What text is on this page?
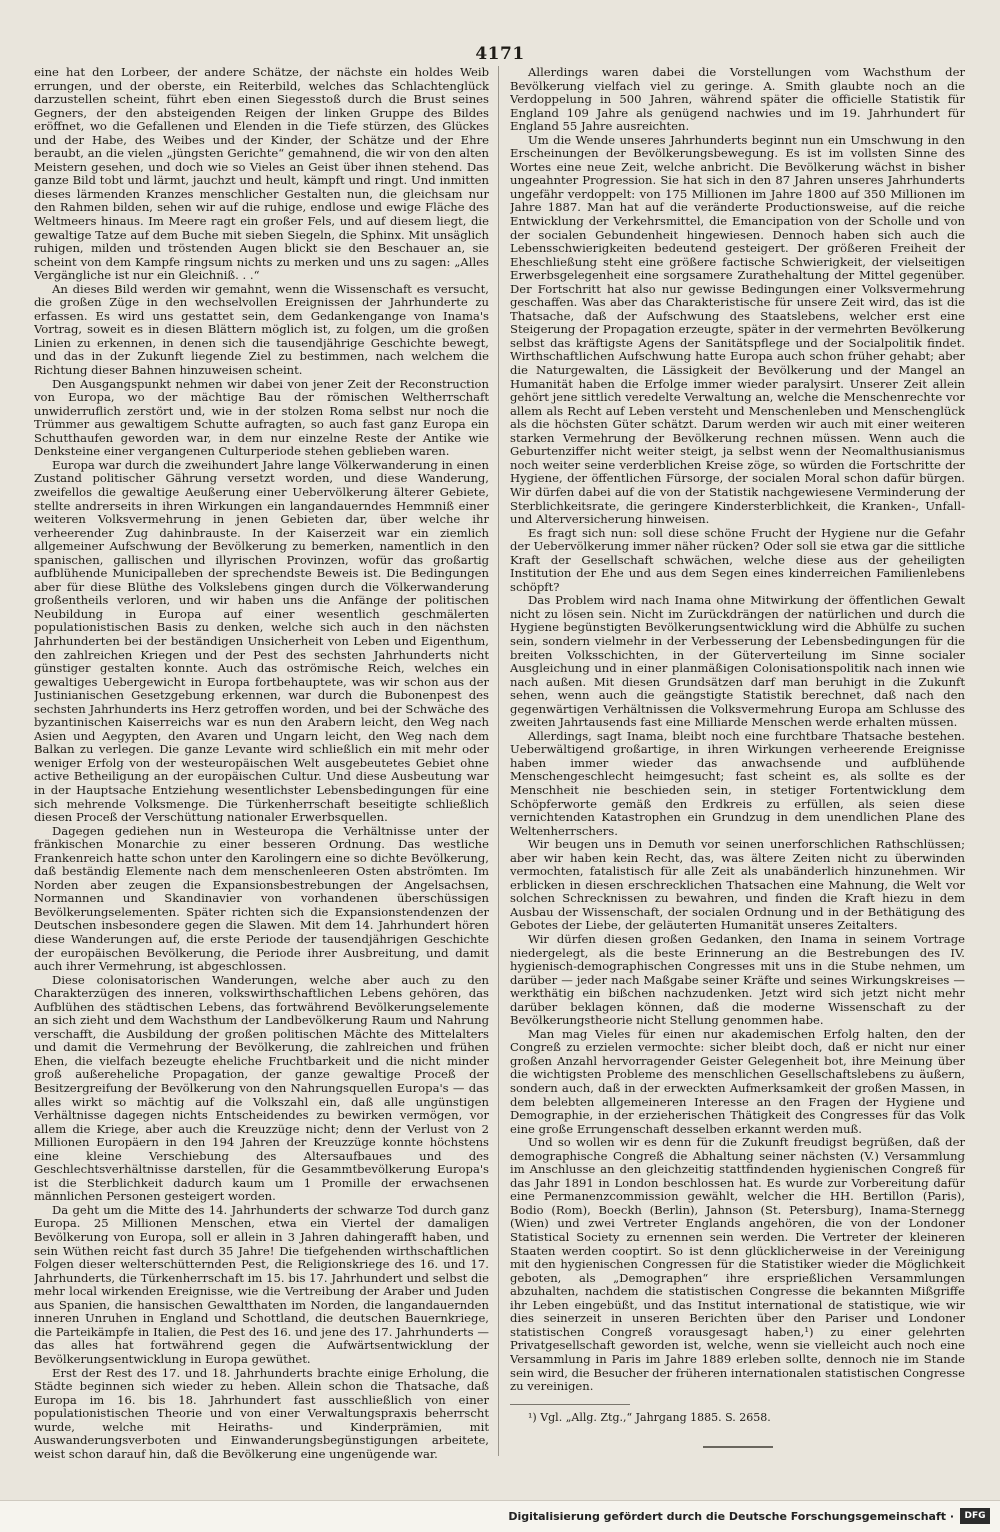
4171

eine hat den Lorbeer, der andere Schätze, der nächste ein holdes Weib errungen, und der oberste, ein Reiterbild, welches das Schlachtenglück darzustellen scheint, führt eben einen Siegesstoß durch die Brust seines Gegners, der den absteigenden Reigen der linken Gruppe des Bildes eröffnet, wo die Gefallenen und Elenden in die Tiefe stürzen, des Glückes und der Habe, des Weibes und der Kinder, der Schätze und der Ehre beraubt, an die vielen „jüngsten Gerichte“ gemahnend, die wir von den alten Meistern gesehen, und doch wie so Vieles an Geist über ihnen stehend. Das ganze Bild tobt und lärmt, jauchzt und heult, kämpft und ringt. Und inmitten dieses lärmenden Kranzes menschlicher Gestalten nun, die gleichsam nur den Rahmen bilden, sehen wir auf die ruhige, endlose und ewige Fläche des Weltmeers hinaus. Im Meere ragt ein großer Fels, und auf diesem liegt, die gewaltige Tatze auf dem Buche mit sieben Siegeln, die Sphinx. Mit unsäglich ruhigen, milden und tröstenden Augen blickt sie den Beschauer an, sie scheint von dem Kampfe ringsum nichts zu merken und uns zu sagen: „Alles Vergängliche ist nur ein Gleichniß. . .“

An dieses Bild werden wir gemahnt, wenn die Wissenschaft es versucht, die großen Züge in den wechselvollen Ereignissen der Jahrhunderte zu erfassen. Es wird uns gestattet sein, dem Gedankengange von Inama's Vortrag, soweit es in diesen Blättern möglich ist, zu folgen, um die großen Linien zu erkennen, in denen sich die tausendjährige Geschichte bewegt, und das in der Zukunft liegende Ziel zu bestimmen, nach welchem die Richtung dieser Bahnen hinzuweisen scheint.

Den Ausgangspunkt nehmen wir dabei von jener Zeit der Reconstruction von Europa, wo der mächtige Bau der römischen Weltherrschaft unwiderruflich zerstört und, wie in der stolzen Roma selbst nur noch die Trümmer aus gewaltigem Schutte aufragten, so auch fast ganz Europa ein Schutthaufen geworden war, in dem nur einzelne Reste der Antike wie Denksteine einer vergangenen Culturperiode stehen geblieben waren.

Europa war durch die zweihundert Jahre lange Völkerwanderung in einen Zustand politischer Gährung versetzt worden, und diese Wanderung, zweifellos die gewaltige Aeußerung einer Uebervölkerung älterer Gebiete, stellte andrerseits in ihren Wirkungen ein langandauerndes Hemmniß einer weiteren Volksvermehrung in jenen Gebieten dar, über welche ihr verheerender Zug dahinbrauste. In der Kaiserzeit war ein ziemlich allgemeiner Aufschwung der Bevölkerung zu bemerken, namentlich in den spanischen, gallischen und illyrischen Provinzen, wofür das großartig aufblühende Municipalleben der sprechendste Beweis ist. Die Bedingungen aber für diese Blüthe des Volkslebens gingen durch die Völkerwanderung großentheils verloren, und wir haben uns die Anfänge der politischen Neubildung in Europa auf einer wesentlich geschmälerten populationistischen Basis zu denken, welche sich auch in den nächsten Jahrhunderten bei der beständigen Unsicherheit von Leben und Eigenthum, den zahlreichen Kriegen und der Pest des sechsten Jahrhunderts nicht günstiger gestalten konnte. Auch das oströmische Reich, welches ein gewaltiges Uebergewicht in Europa fortbehauptete, was wir schon aus der Justinianischen Gesetzgebung erkennen, war durch die Bubonenpest des sechsten Jahrhunderts ins Herz getroffen worden, und bei der Schwäche des byzantinischen Kaiserreichs war es nun den Arabern leicht, den Weg nach Asien und Aegypten, den Avaren und Ungarn leicht, den Weg nach dem Balkan zu verlegen. Die ganze Levante wird schließlich ein mit mehr oder weniger Erfolg von der westeuropäischen Welt ausgebeutetes Gebiet ohne active Betheiligung an der europäischen Cultur. Und diese Ausbeutung war in der Hauptsache Entziehung wesentlichster Lebensbedingungen für eine sich mehrende Volksmenge. Die Türkenherrschaft beseitigte schließlich diesen Proceß der Verschüttung nationaler Erwerbsquellen.

Dagegen gediehen nun in Westeuropa die Verhältnisse unter der fränkischen Monarchie zu einer besseren Ordnung. Das westliche Frankenreich hatte schon unter den Karolingern eine so dichte Bevölkerung, daß beständig Elemente nach dem menschenleeren Osten abströmten. Im Norden aber zeugen die Expansionsbestrebungen der Angelsachsen, Normannen und Skandinavier von vorhandenen überschüssigen Bevölkerungselementen. Später richten sich die Expansionstendenzen der Deutschen insbesondere gegen die Slawen. Mit dem 14. Jahrhundert hören diese Wanderungen auf, die erste Periode der tausendjährigen Geschichte der europäischen Bevölkerung, die Periode ihrer Ausbreitung, und damit auch ihrer Vermehrung, ist abgeschlossen.

Diese colonisatorischen Wanderungen, welche aber auch zu den Charakterzügen des inneren, volkswirthschaftlichen Lebens gehören, das Aufblühen des städtischen Lebens, das fortwährend Bevölkerungselemente an sich zieht und dem Wachsthum der Landbevölkerung Raum und Nahrung verschafft, die Ausbildung der großen politischen Mächte des Mittelalters und damit die Vermehrung der Bevölkerung, die zahlreichen und frühen Ehen, die vielfach bezeugte eheliche Fruchtbarkeit und die nicht minder groß außereheliche Propagation, der ganze gewaltige Proceß der Besitzergreifung der Bevölkerung von den Nahrungsquellen Europa's — das alles wirkt so mächtig auf die Volkszahl ein, daß alle ungünstigen Verhältnisse dagegen nichts Entscheidendes zu bewirken vermögen, vor allem die Kriege, aber auch die Kreuzzüge nicht; denn der Verlust von 2 Millionen Europäern in den 194 Jahren der Kreuzzüge konnte höchstens eine kleine Verschiebung des Altersaufbaues und des Geschlechtsverhältnisse darstellen, für die Gesammtbevölkerung Europa's ist die Sterblichkeit dadurch kaum um 1 Promille der erwachsenen männlichen Personen gesteigert worden.

Da geht um die Mitte des 14. Jahrhunderts der schwarze Tod durch ganz Europa. 25 Millionen Menschen, etwa ein Viertel der damaligen Bevölkerung von Europa, soll er allein in 3 Jahren dahingerafft haben, und sein Wüthen reicht fast durch 35 Jahre! Die tiefgehenden wirthschaftlichen Folgen dieser welterschütternden Pest, die Religionskriege des 16. und 17. Jahrhunderts, die Türkenherrschaft im 15. bis 17. Jahrhundert und selbst die mehr local wirkenden Ereignisse, wie die Vertreibung der Araber und Juden aus Spanien, die hansischen Gewaltthaten im Norden, die langandauernden inneren Unruhen in England und Schottland, die deutschen Bauernkriege, die Parteikämpfe in Italien, die Pest des 16. und jene des 17. Jahrhunderts — das alles hat fortwährend gegen die Aufwärtsentwicklung der Bevölkerungsentwicklung in Europa gewüthet.

Erst der Rest des 17. und 18. Jahrhunderts brachte einige Erholung, die Städte beginnen sich wieder zu heben. Allein schon die Thatsache, daß Europa im 16. bis 18. Jahrhundert fast ausschließlich von einer populationistischen Theorie und von einer Verwaltungspraxis beherrscht wurde, welche mit Heiraths- und Kinderprämien, mit Auswanderungsverboten und Einwanderungsbegünstigungen arbeitete, weist schon darauf hin, daß die Bevölkerung eine ungenügende war.

Allerdings waren dabei die Vorstellungen vom Wachsthum der Bevölkerung vielfach viel zu geringe. A. Smith glaubte noch an die Verdoppelung in 500 Jahren, während später die officielle Statistik für England 109 Jahre als genügend nachwies und im 19. Jahrhundert für England 55 Jahre ausreichten.

Um die Wende unseres Jahrhunderts beginnt nun ein Umschwung in den Erscheinungen der Bevölkerungsbewegung. Es ist im vollsten Sinne des Wortes eine neue Zeit, welche anbricht. Die Bevölkerung wächst in bisher ungeahnter Progression. Sie hat sich in den 87 Jahren unseres Jahrhunderts ungefähr verdoppelt: von 175 Millionen im Jahre 1800 auf 350 Millionen im Jahre 1887. Man hat auf die veränderte Productionsweise, auf die reiche Entwicklung der Verkehrsmittel, die Emancipation von der Scholle und von der socialen Gebundenheit hingewiesen. Dennoch haben sich auch die Lebensschwierigkeiten bedeutend gesteigert. Der größeren Freiheit der Eheschließung steht eine größere factische Schwierigkeit, der vielseitigen Erwerbsgelegenheit eine sorgsamere Zurathehaltung der Mittel gegenüber. Der Fortschritt hat also nur gewisse Bedingungen einer Volksvermehrung geschaffen. Was aber das Charakteristische für unsere Zeit wird, das ist die Thatsache, daß der Aufschwung des Staatslebens, welcher erst eine Steigerung der Propagation erzeugte, später in der vermehrten Bevölkerung selbst das kräftigste Agens der Sanitätspflege und der Socialpolitik findet. Wirthschaftlichen Aufschwung hatte Europa auch schon früher gehabt; aber die Naturgewalten, die Lässigkeit der Bevölkerung und der Mangel an Humanität haben die Erfolge immer wieder paralysirt. Unserer Zeit allein gehört jene sittlich veredelte Verwaltung an, welche die Menschenrechte vor allem als Recht auf Leben versteht und Menschenleben und Menschenglück als die höchsten Güter schätzt. Darum werden wir auch mit einer weiteren starken Vermehrung der Bevölkerung rechnen müssen. Wenn auch die Geburtenziffer nicht weiter steigt, ja selbst wenn der Neomalthusianismus noch weiter seine verderblichen Kreise zöge, so würden die Fortschritte der Hygiene, der öffentlichen Fürsorge, der socialen Moral schon dafür bürgen. Wir dürfen dabei auf die von der Statistik nachgewiesene Verminderung der Sterblichkeitsrate, die geringere Kindersterblichkeit, die Kranken-, Unfall- und Alterversicherung hinweisen.

Es fragt sich nun: soll diese schöne Frucht der Hygiene nur die Gefahr der Uebervölkerung immer näher rücken? Oder soll sie etwa gar die sittliche Kraft der Gesellschaft schwächen, welche diese aus der geheiligten Institution der Ehe und aus dem Segen eines kinderreichen Familienlebens schöpft?

Das Problem wird nach Inama ohne Mitwirkung der öffentlichen Gewalt nicht zu lösen sein. Nicht im Zurückdrängen der natürlichen und durch die Hygiene begünstigten Bevölkerungsentwicklung wird die Abhülfe zu suchen sein, sondern vielmehr in der Verbesserung der Lebensbedingungen für die breiten Volksschichten, in der Güterverteilung im Sinne socialer Ausgleichung und in einer planmäßigen Colonisationspolitik nach innen wie nach außen. Mit diesen Grundsätzen darf man beruhigt in die Zukunft sehen, wenn auch die geängstigte Statistik berechnet, daß nach den gegenwärtigen Verhältnissen die Volksvermehrung Europa am Schlusse des zweiten Jahrtausends fast eine Milliarde Menschen werde erhalten müssen.

Allerdings, sagt Inama, bleibt noch eine furchtbare Thatsache bestehen. Ueberwältigend großartige, in ihren Wirkungen verheerende Ereignisse haben immer wieder das anwachsende und aufblühende Menschengeschlecht heimgesucht; fast scheint es, als sollte es der Menschheit nie beschieden sein, in stetiger Fortentwicklung dem Schöpferworte gemäß den Erdkreis zu erfüllen, als seien diese vernichtenden Katastrophen ein Grundzug in dem unendlichen Plane des Weltenherrschers.

Wir beugen uns in Demuth vor seinen unerforschlichen Rathschlüssen; aber wir haben kein Recht, das, was ältere Zeiten nicht zu überwinden vermochten, fatalistisch für alle Zeit als unabänderlich hinzunehmen. Wir erblicken in diesen erschrecklichen Thatsachen eine Mahnung, die Welt vor solchen Schrecknissen zu bewahren, und finden die Kraft hiezu in dem Ausbau der Wissenschaft, der socialen Ordnung und in der Bethätigung des Gebotes der Liebe, der geläuterten Humanität unseres Zeitalters.

Wir dürfen diesen großen Gedanken, den Inama in seinem Vortrage niedergelegt, als die beste Erinnerung an die Bestrebungen des IV. hygienisch-demographischen Congresses mit uns in die Stube nehmen, um darüber — jeder nach Maßgabe seiner Kräfte und seines Wirkungskreises — werkthätig ein bißchen nachzudenken. Jetzt wird sich jetzt nicht mehr darüber beklagen können, daß die moderne Wissenschaft zu der Bevölkerungstheorie nicht Stellung genommen habe.

Man mag Vieles für einen nur akademischen Erfolg halten, den der Congreß zu erzielen vermochte: sicher bleibt doch, daß er nicht nur einer großen Anzahl hervorragender Geister Gelegenheit bot, ihre Meinung über die wichtigsten Probleme des menschlichen Gesellschaftslebens zu äußern, sondern auch, daß in der erweckten Aufmerksamkeit der großen Massen, in dem belebten allgemeineren Interesse an den Fragen der Hygiene und Demographie, in der erzieherischen Thätigkeit des Congresses für das Volk eine große Errungenschaft desselben erkannt werden muß.

Und so wollen wir es denn für die Zukunft freudigst begrüßen, daß der demographische Congreß die Abhaltung seiner nächsten (V.) Versammlung im Anschlusse an den gleichzeitig stattfindenden hygienischen Congreß für das Jahr 1891 in London beschlossen hat. Es wurde zur Vorbereitung dafür eine Permanenzcommission gewählt, welcher die HH. Bertillon (Paris), Bodio (Rom), Boeckh (Berlin), Jahnson (St. Petersburg), Inama-Sternegg (Wien) und zwei Vertreter Englands angehören, die von der Londoner Statistical Society zu ernennen sein werden. Die Vertreter der kleineren Staaten werden cooptirt. So ist denn glücklicherweise in der Vereinigung mit den hygienischen Congressen für die Statistiker wieder die Möglichkeit geboten, als „Demographen“ ihre ersprießlichen Versammlungen abzuhalten, nachdem die statistischen Congresse die bekannten Mißgriffe ihr Leben eingebüßt, und das Institut international de statistique, wie wir dies seinerzeit in unseren Berichten über den Pariser und Londoner statistischen Congreß vorausgesagt haben,¹) zu einer gelehrten Privatgesellschaft geworden ist, welche, wenn sie vielleicht auch noch eine Versammlung in Paris im Jahre 1889 erleben sollte, dennoch nie im Stande sein wird, die Besucher der früheren internationalen statistischen Congresse zu vereinigen.

¹) Vgl. „Allg. Ztg.,“ Jahrgang 1885. S. 2658.

Digitalisierung gefördert durch die Deutsche Forschungsgemeinschaft ·	DFG
